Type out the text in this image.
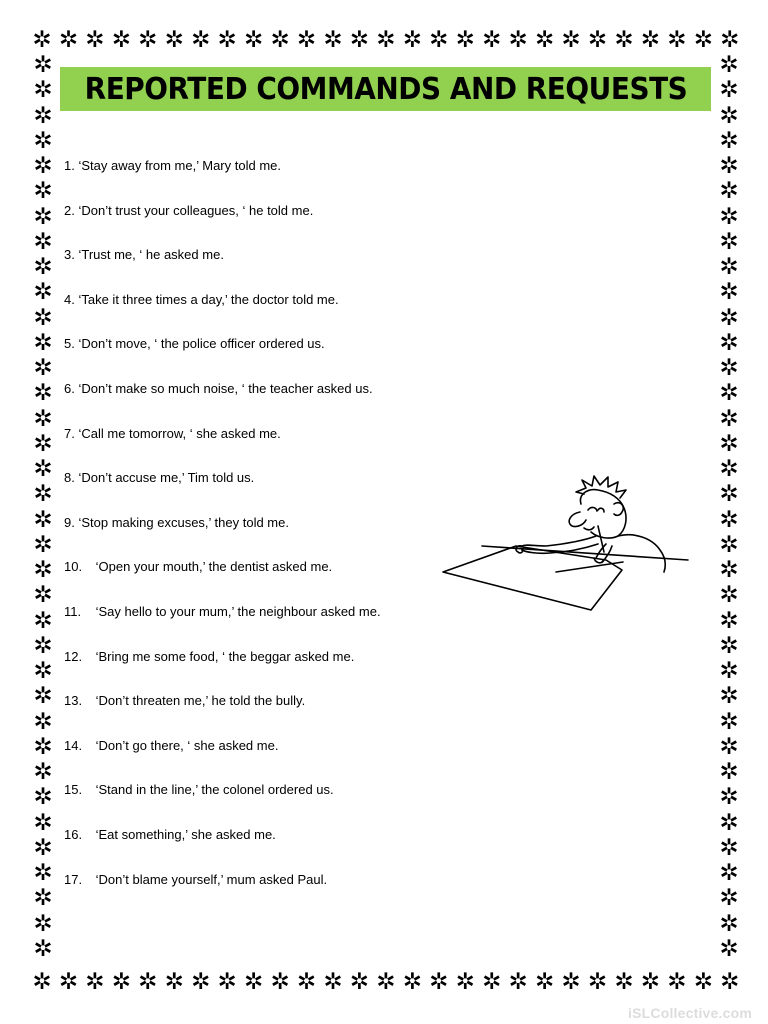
✲ ✲ ✲ ✲ ✲ ✲ ✲ ✲ ✲ ✲ ✲ ✲ ✲ ✲ ✲ ✲ ✲ ✲ ✲ ✲ ✲ ✲ ✲ ✲ ✲ ✲ ✲
✲ ✲ ✲ ✲ ✲ ✲ ✲ ✲ ✲ ✲ ✲ ✲ ✲ ✲ ✲ ✲ ✲ ✲ ✲ ✲ ✲ ✲ ✲ ✲ ✲ ✲ ✲
✲
✲
✲
✲
✲
✲
✲
✲
✲
✲
✲
✲
✲
✲
✲
✲
✲
✲
✲
✲
✲
✲
✲
✲
✲
✲
✲
✲
✲
✲
✲
✲
✲
✲
✲
✲
✲
✲
✲
✲
✲
✲
✲
✲
✲
✲
✲
✲
✲
✲
✲
✲
✲
✲
✲
✲
✲
✲
✲
✲
✲
✲
✲
✲
✲
✲
✲
✲
✲
✲
✲
✲
REPORTED COMMANDS AND REQUESTS
1. ‘Stay away from me,’ Mary told me.
2. ‘Don’t trust your colleagues, ‘ he told me.
3. ‘Trust me, ‘ he asked me.
4. ‘Take it three times a day,’ the doctor told me.
5. ‘Don’t move, ‘ the police officer ordered us.
6. ‘Don’t make so much noise, ‘ the teacher asked us.
7. ‘Call me tomorrow, ‘ she asked me.
8. ‘Don’t accuse me,’ Tim told us.
9. ‘Stop making excuses,’ they told me.
10. ‘Open your mouth,’ the dentist asked me.
11. ‘Say hello to your mum,’ the neighbour asked me.
12. ‘Bring me some food, ‘ the beggar asked me.
13. ‘Don’t threaten me,’ he told the bully.
14. ‘Don’t go there, ‘ she asked me.
15. ‘Stand in the line,’ the colonel ordered us.
16. ‘Eat something,’ she asked me.
17. ‘Don’t blame yourself,’ mum asked Paul.
iSLCollective.com
